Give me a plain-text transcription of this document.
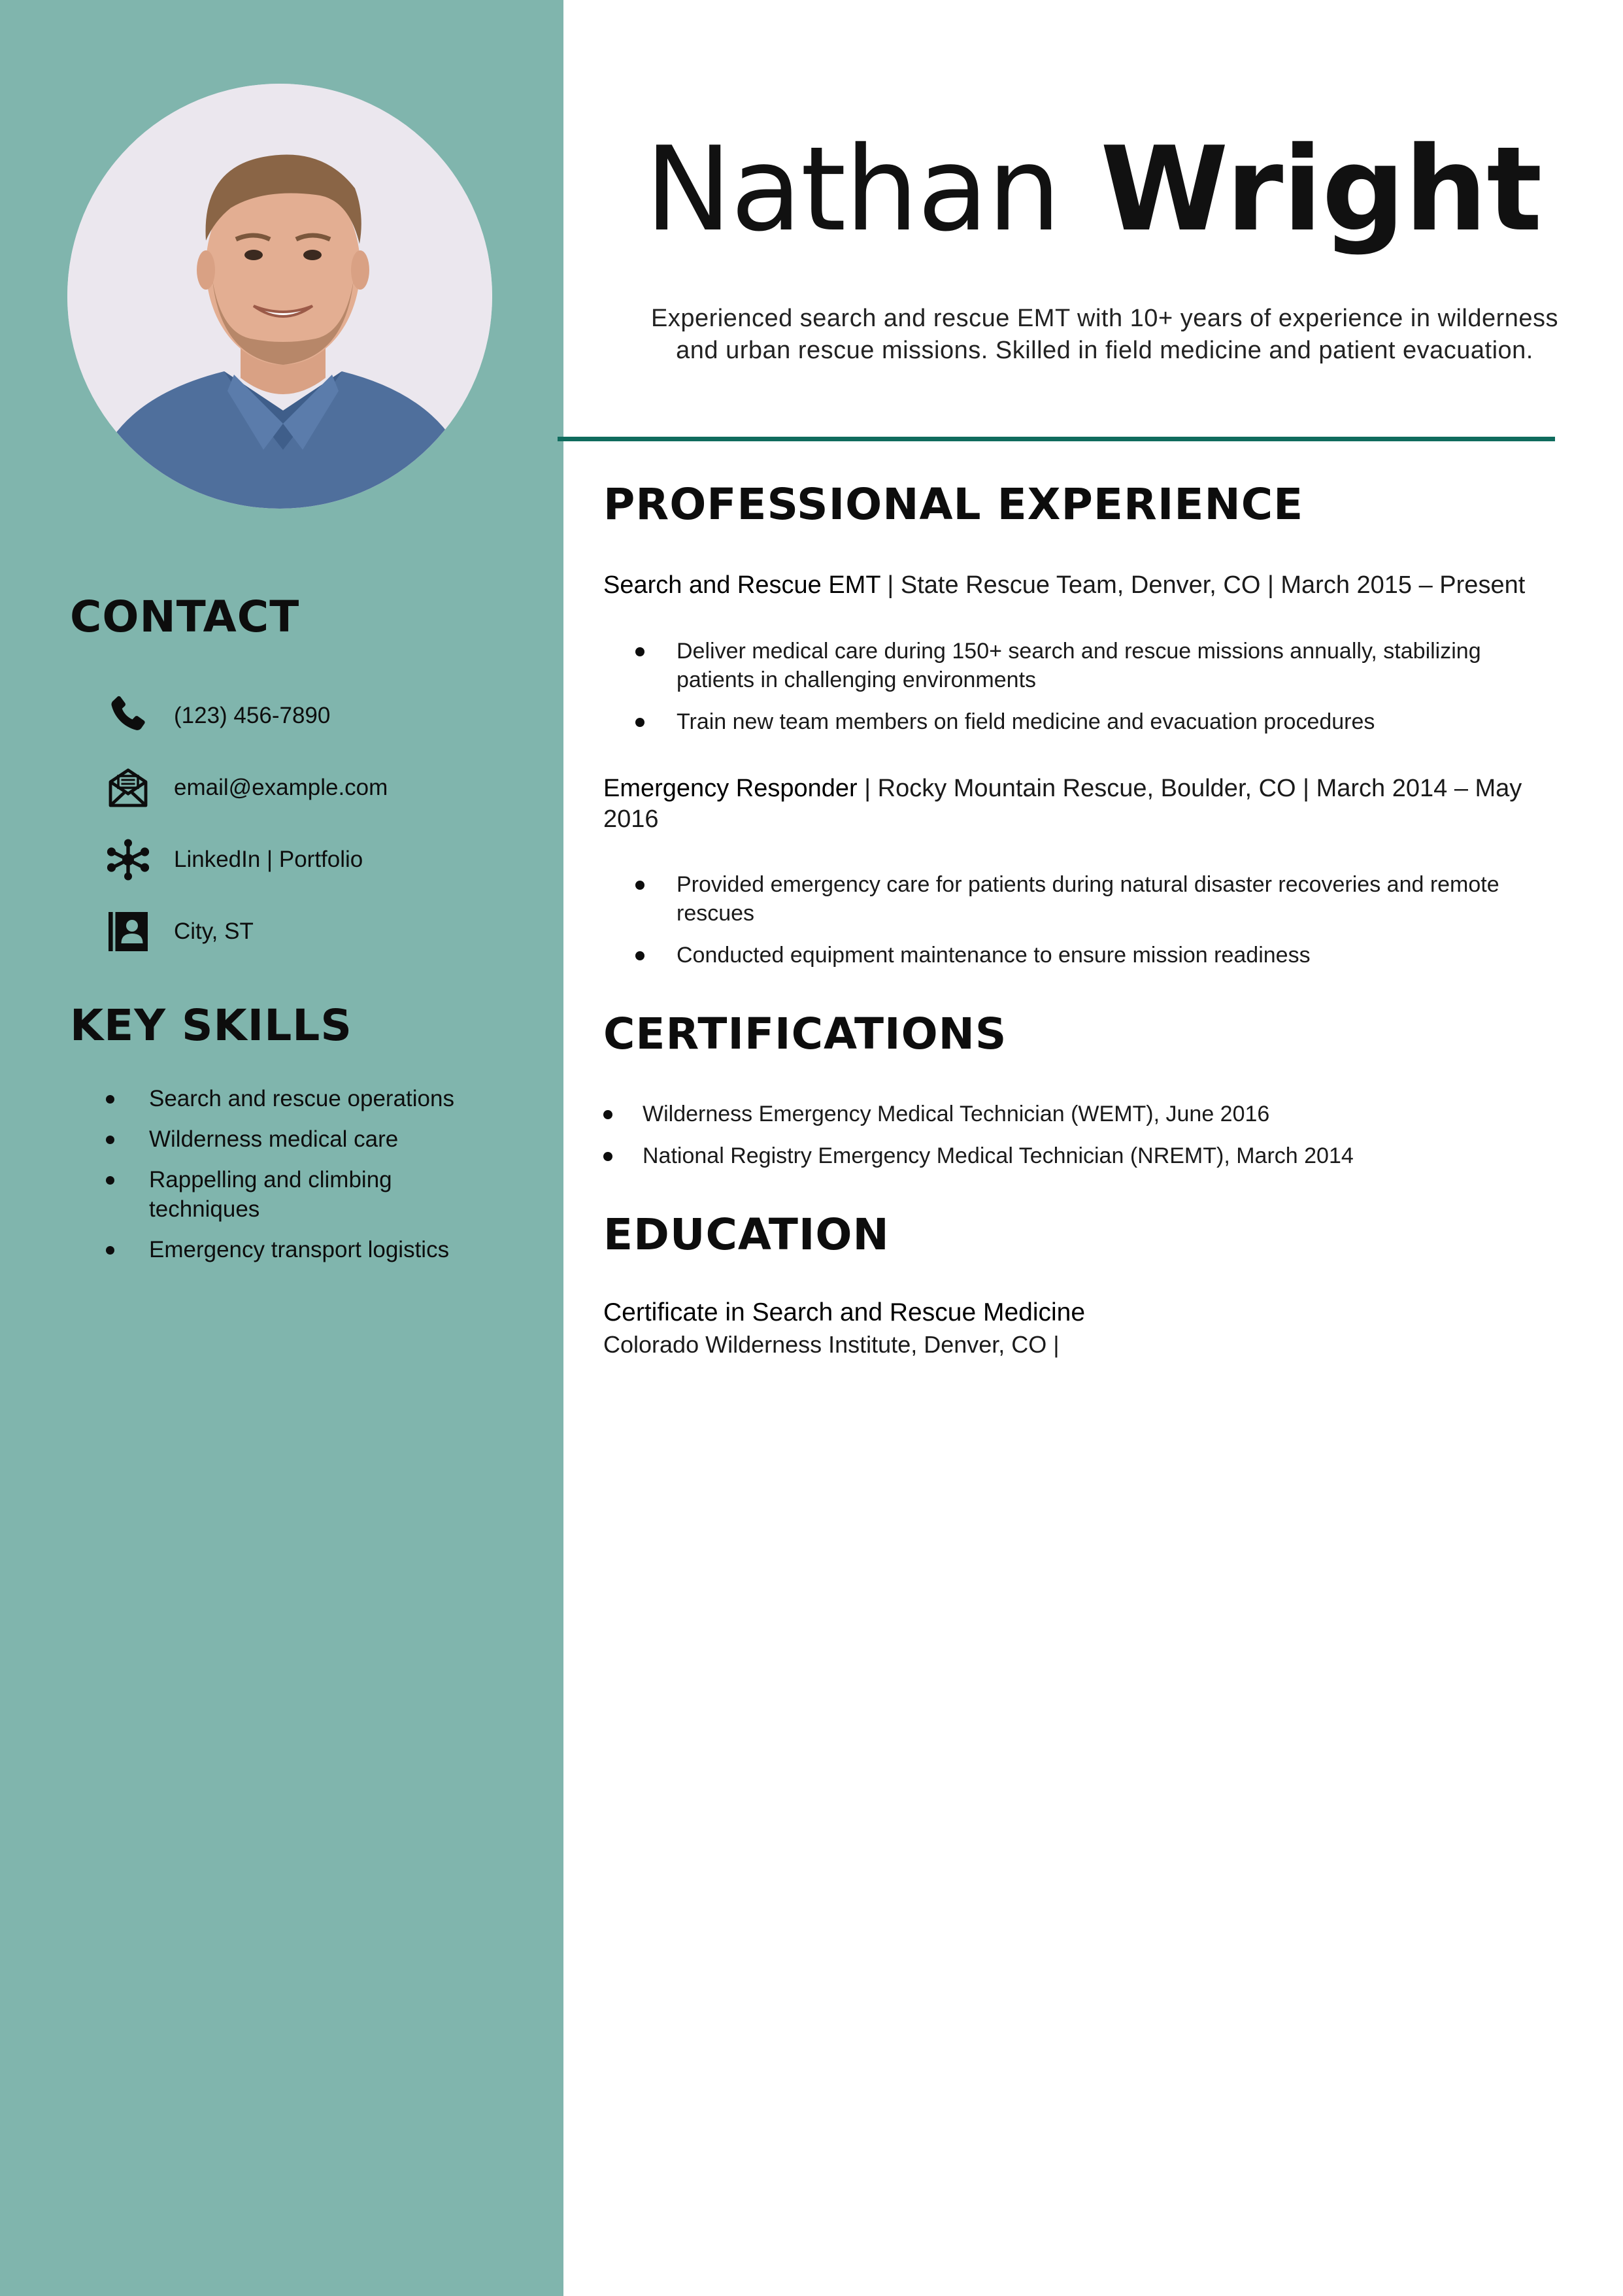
CONTACT
(123) 456-7890
email@example.com
LinkedIn | Portfolio
City, ST
KEY SKILLS
Search and rescue operations
Wilderness medical care
Rappelling and climbing techniques
Emergency transport logistics
Nathan Wright

Experienced search and rescue EMT with 10+ years of experience in wilderness and urban rescue missions. Skilled in field medicine and patient evacuation.

PROFESSIONAL EXPERIENCE

Search and Rescue EMT | State Rescue Team, Denver, CO | March 2015 – Present

Deliver medical care during 150+ search and rescue missions annually, stabilizing patients in challenging environments
Train new team members on field medicine and evacuation procedures

Emergency Responder | Rocky Mountain Rescue, Boulder, CO | March 2014 – May 2016

Provided emergency care for patients during natural disaster recoveries and remote rescues
Conducted equipment maintenance to ensure mission readiness
CERTIFICATIONS
Wilderness Emergency Medical Technician (WEMT), June 2016
National Registry Emergency Medical Technician (NREMT), March 2014
EDUCATION

Certificate in Search and Rescue Medicine

Colorado Wilderness Institute, Denver, CO |
